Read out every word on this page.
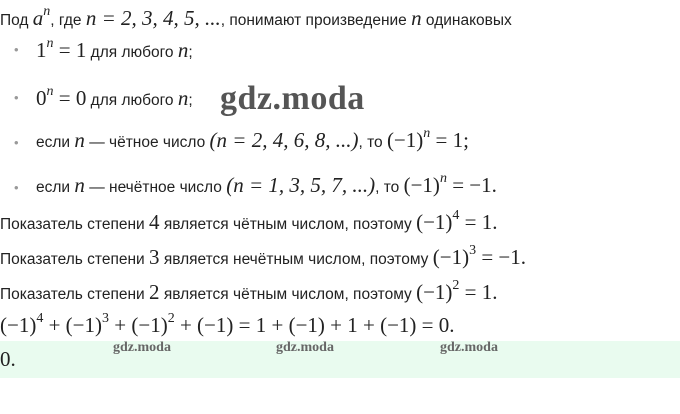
Под an, где n = 2, 3, 4, 5, ..., понимают произведение n одинаковых
• 1n = 1 для любого n;
• 0n = 0 для любого n; gdz.moda
• если n — чётное число (n = 2, 4, 6, 8, ...), то (−1)n = 1;
• если n — нечётное число (n = 1, 3, 5, 7, ...), то (−1)n = −1.
Показатель степени 4 является чётным числом, поэтому (−1)4 = 1.
Показатель степени 3 является нечётным числом, поэтому (−1)3 = −1.
Показатель степени 2 является чётным числом, поэтому (−1)2 = 1.
(−1)4 + (−1)3 + (−1)2 + (−1) = 1 + (−1) + 1 + (−1) = 0.
0.	gdz.moda	gdz.moda	gdz.moda
